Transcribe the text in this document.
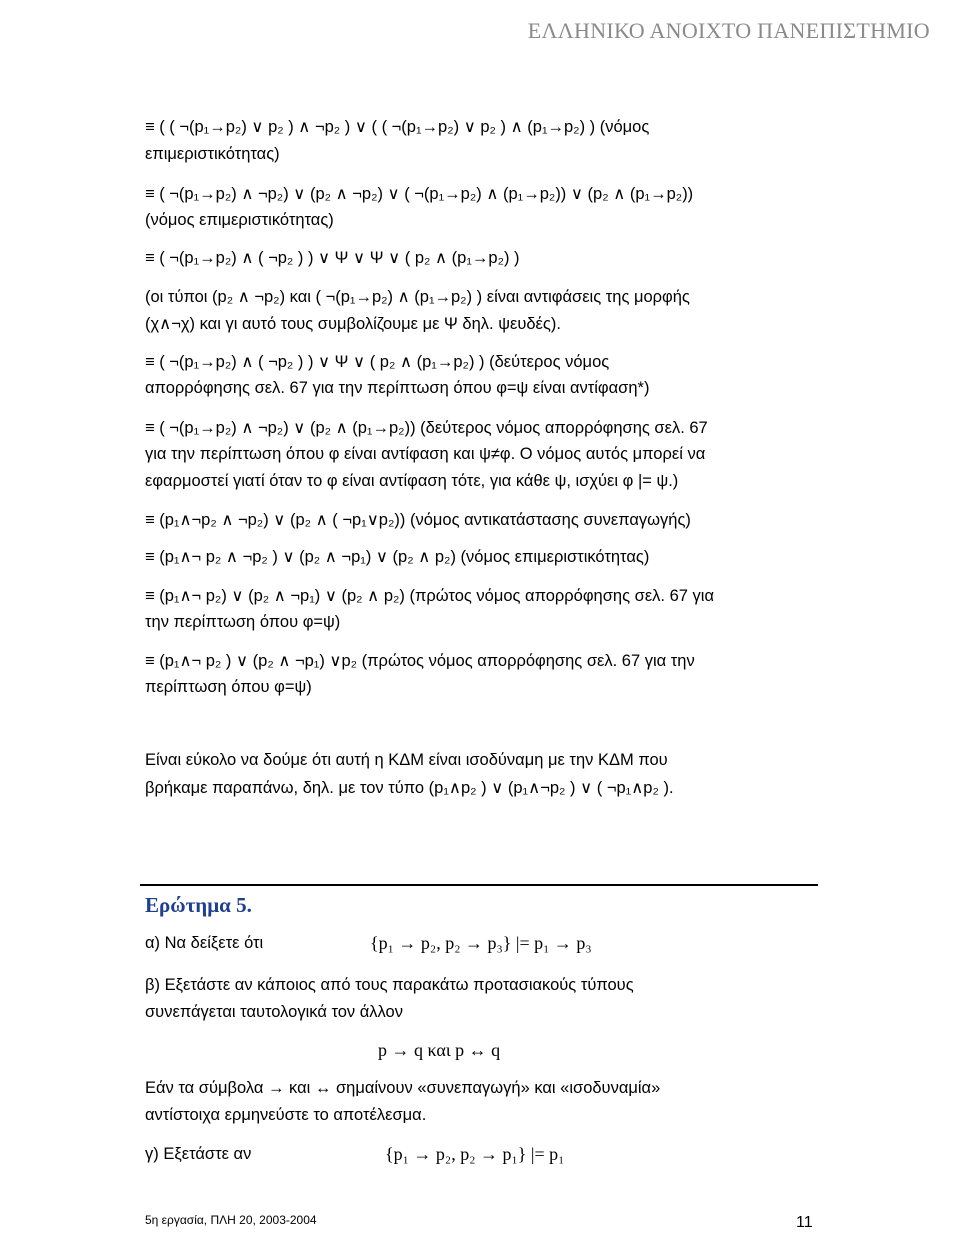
ΕΛΛΗΝΙΚΟ ΑΝΟΙΧΤΟ ΠΑΝΕΠΙΣΤΗΜΙΟ
≡ ( ( ¬(p₁→p₂) ∨ p₂ ) ∧ ¬p₂ ) ∨ ( ( ¬(p₁→p₂) ∨ p₂ ) ∧ (p₁→p₂) ) (νόμος
επιμεριστικότητας)
≡ ( ¬(p₁→p₂) ∧ ¬p₂) ∨ (p₂ ∧ ¬p₂) ∨ ( ¬(p₁→p₂) ∧ (p₁→p₂)) ∨ (p₂ ∧ (p₁→p₂))
(νόμος επιμεριστικότητας)
≡ ( ¬(p₁→p₂) ∧ ( ¬p₂ ) ) ∨ Ψ ∨ Ψ ∨ ( p₂ ∧ (p₁→p₂) )
(οι τύποι (p₂ ∧ ¬p₂) και ( ¬(p₁→p₂) ∧ (p₁→p₂) ) είναι αντιφάσεις της μορφής
(χ∧¬χ) και γι αυτό τους συμβολίζουμε με Ψ δηλ. ψευδές).
≡ ( ¬(p₁→p₂) ∧ ( ¬p₂ ) ) ∨ Ψ ∨ ( p₂ ∧ (p₁→p₂) ) (δεύτερος νόμος
απορρόφησης σελ. 67 για την περίπτωση όπου φ=ψ είναι αντίφαση*)
≡ ( ¬(p₁→p₂) ∧ ¬p₂) ∨ (p₂ ∧ (p₁→p₂)) (δεύτερος νόμος απορρόφησης σελ. 67
για την περίπτωση όπου φ είναι αντίφαση και ψ≠φ. Ο νόμος αυτός μπορεί να
εφαρμοστεί γιατί όταν το φ είναι αντίφαση τότε, για κάθε ψ, ισχύει φ |= ψ.)
≡ (p₁∧¬p₂ ∧ ¬p₂) ∨ (p₂ ∧ ( ¬p₁∨p₂)) (νόμος αντικατάστασης συνεπαγωγής)
≡ (p₁∧¬ p₂ ∧ ¬p₂ ) ∨ (p₂ ∧ ¬p₁) ∨ (p₂ ∧ p₂) (νόμος επιμεριστικότητας)
≡ (p₁∧¬ p₂) ∨ (p₂ ∧ ¬p₁) ∨ (p₂ ∧ p₂) (πρώτος νόμος απορρόφησης σελ. 67 για
την περίπτωση όπου φ=ψ)
≡ (p₁∧¬ p₂ ) ∨ (p₂ ∧ ¬p₁) ∨p₂ (πρώτος νόμος απορρόφησης σελ. 67 για την
περίπτωση όπου φ=ψ)
Είναι εύκολο να δούμε ότι αυτή η ΚΔΜ είναι ισοδύναμη με την ΚΔΜ που
βρήκαμε παραπάνω, δηλ. με τον τύπο (p₁∧p₂ ) ∨ (p₁∧¬p₂ ) ∨ ( ¬p₁∧p₂ ).
Ερώτημα 5.
α) Να δείξετε ότι	{p₁ → p₂, p₂ → p₃} |= p₁ → p₃
β) Εξετάστε αν κάποιος από τους παρακάτω προτασιακούς τύπους
συνεπάγεται ταυτολογικά τον άλλον
p → q και p ↔ q
Εάν τα σύμβολα → και ↔ σημαίνουν «συνεπαγωγή» και «ισοδυναμία»
αντίστοιχα ερμηνεύστε το αποτέλεσμα.
γ) Εξετάστε αν	{p₁ → p₂, p₂ → p₁} |= p₁
5η εργασία, ΠΛΗ 20, 2003-2004	11
